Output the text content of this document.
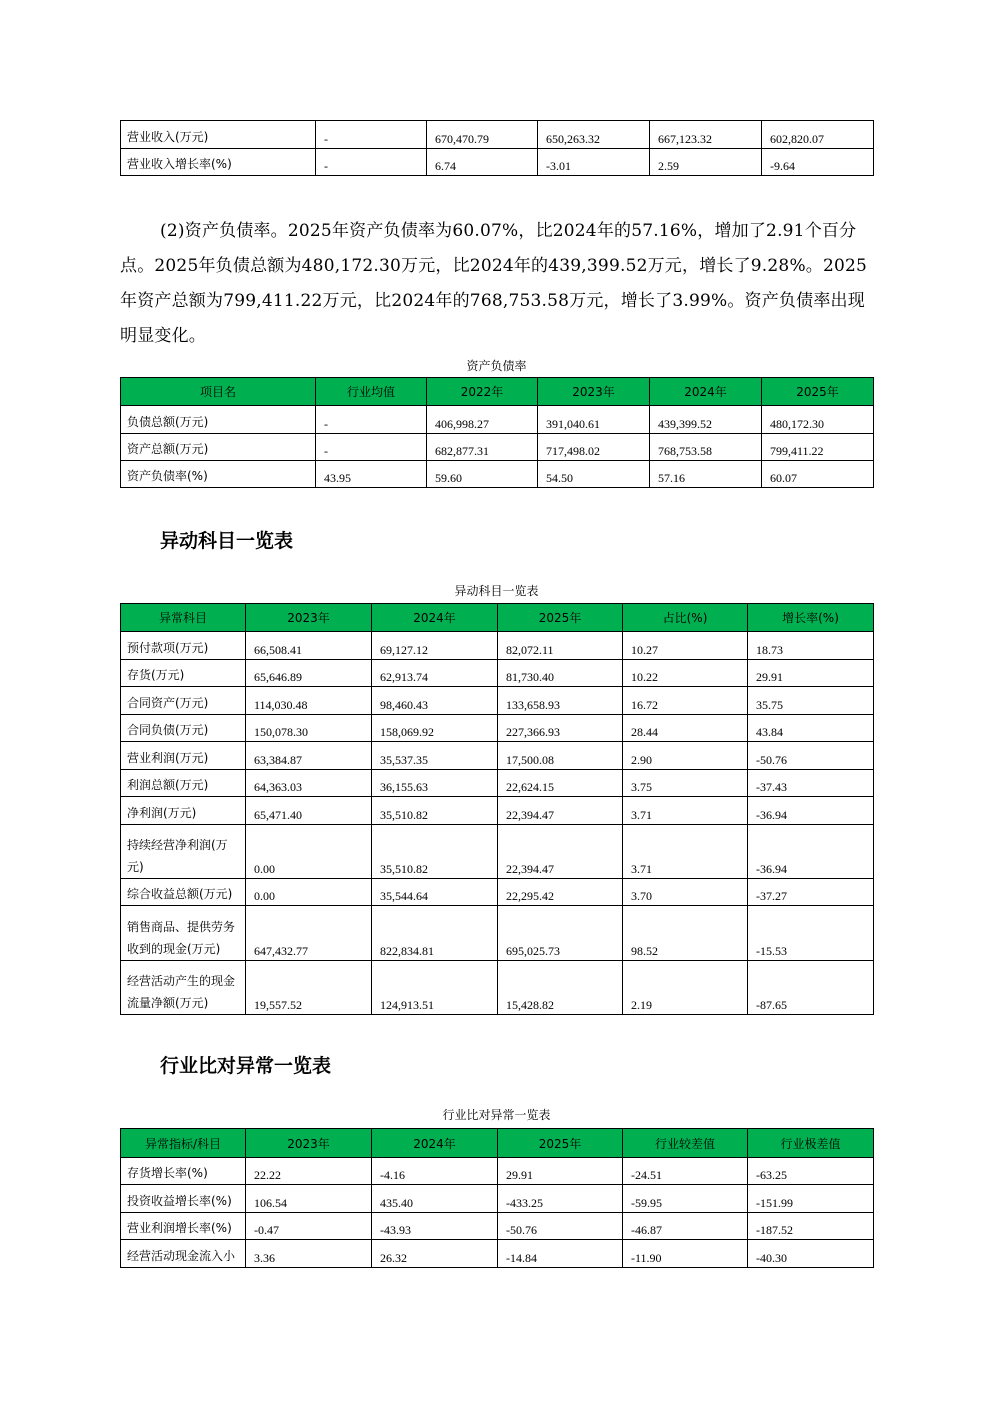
营业收入(万元)	-	670,470.79	650,263.32	667,123.32	602,820.07
营业收入增长率(%)	-	6.74	-3.01	2.59	-9.64

(2)资产负债率。2025年资产负债率为60.07%，比2024年的57.16%，增加了2.91个百分点。2025年负债总额为480,172.30万元，比2024年的439,399.52万元，增长了9.28%。2025年资产总额为799,411.22万元，比2024年的768,753.58万元，增长了3.99%。资产负债率出现明显变化。

资产负债率
项目名	行业均值	2022年	2023年	2024年	2025年
负债总额(万元)	-	406,998.27	391,040.61	439,399.52	480,172.30
资产总额(万元)	-	682,877.31	717,498.02	768,753.58	799,411.22
资产负债率(%)	43.95	59.60	54.50	57.16	60.07
异动科目一览表
异动科目一览表
异常科目	2023年	2024年	2025年	占比(%)	增长率(%)
预付款项(万元)	66,508.41	69,127.12	82,072.11	10.27	18.73
存货(万元)	65,646.89	62,913.74	81,730.40	10.22	29.91
合同资产(万元)	114,030.48	98,460.43	133,658.93	16.72	35.75
合同负债(万元)	150,078.30	158,069.92	227,366.93	28.44	43.84
营业利润(万元)	63,384.87	35,537.35	17,500.08	2.90	-50.76
利润总额(万元)	64,363.03	36,155.63	22,624.15	3.75	-37.43
净利润(万元)	65,471.40	35,510.82	22,394.47	3.71	-36.94
持续经营净利润(万元)	0.00	35,510.82	22,394.47	3.71	-36.94
综合收益总额(万元)	0.00	35,544.64	22,295.42	3.70	-37.27
销售商品、提供劳务收到的现金(万元)	647,432.77	822,834.81	695,025.73	98.52	-15.53
经营活动产生的现金流量净额(万元)	19,557.52	124,913.51	15,428.82	2.19	-87.65
行业比对异常一览表
行业比对异常一览表
异常指标/科目	2023年	2024年	2025年	行业较差值	行业极差值
存货增长率(%)	22.22	-4.16	29.91	-24.51	-63.25
投资收益增长率(%)	106.54	435.40	-433.25	-59.95	-151.99
营业利润增长率(%)	-0.47	-43.93	-50.76	-46.87	-187.52
经营活动现金流入小	3.36	26.32	-14.84	-11.90	-40.30
